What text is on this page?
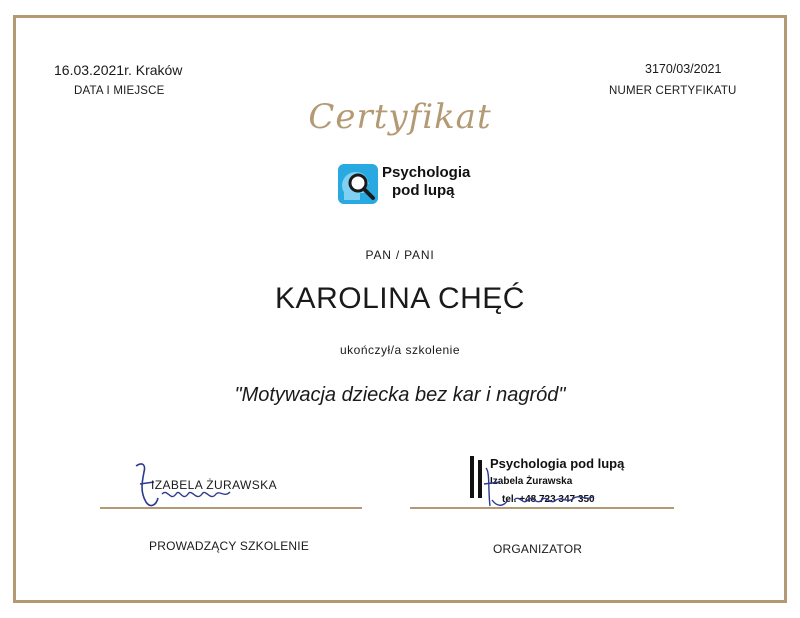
16.03.2021r. Kraków
DATA I MIEJSCE
3170/03/2021
NUMER CERTYFIKATU
Certyfikat
Psychologia
pod lupą
PAN / PANI
KAROLINA CHĘĆ
ukończył/a szkolenie
"Motywacja dziecka bez kar i nagród"
IZABELA ŻURAWSKA
PROWADZĄCY SZKOLENIE
Psychologia pod lupą
Izabela Żurawska
tel. +48 723 347 350
ORGANIZATOR
